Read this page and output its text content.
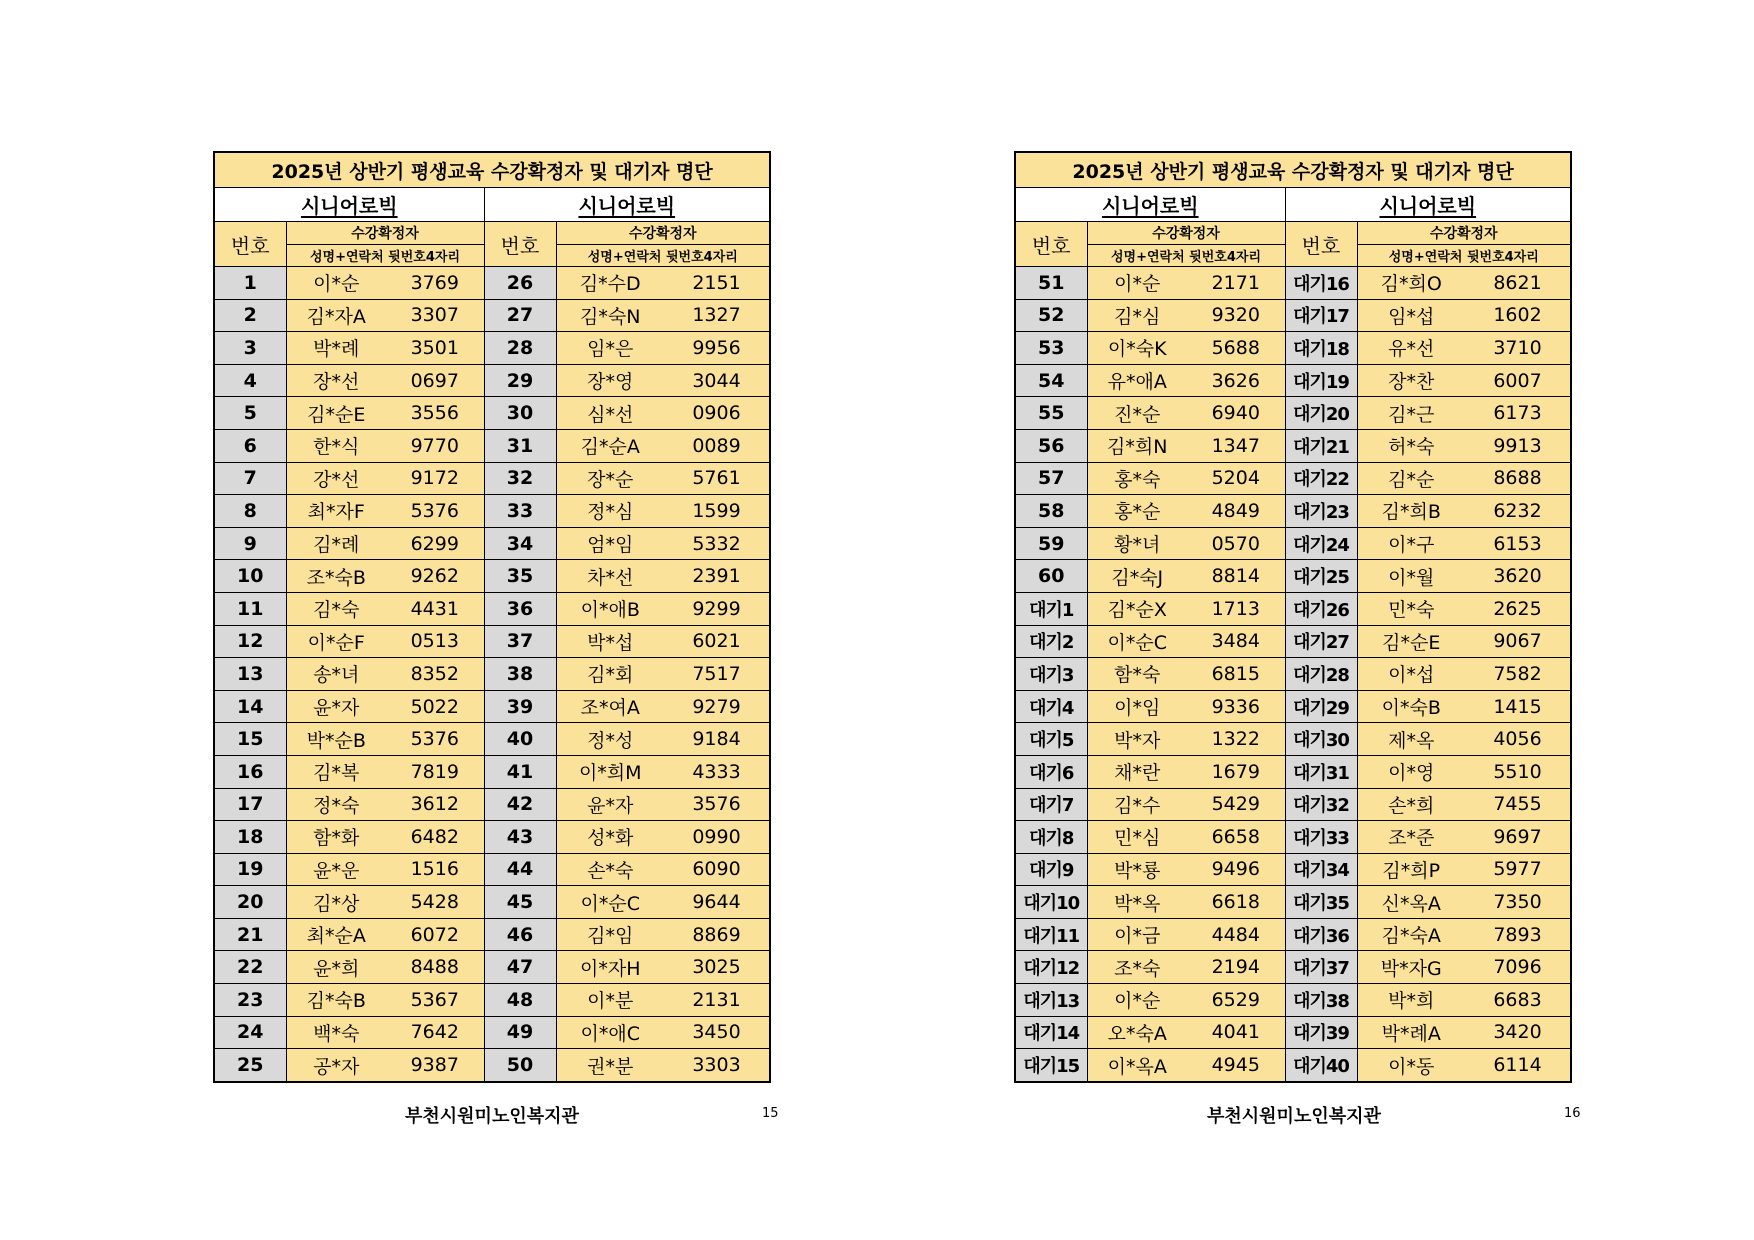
2025년 상반기 평생교육 수강확정자 및 대기자 명단					
시니어로빅			시니어로빅		
번호	수강확정자		번호	수강확정자	
	성명+연락처 뒷번호4자리			성명+연락처 뒷번호4자리	
1	이*순	3769	26	김*수D	2151
2	김*자A	3307	27	김*숙N	1327
3	박*례	3501	28	임*은	9956
4	장*선	0697	29	장*영	3044
5	김*순E	3556	30	심*선	0906
6	한*식	9770	31	김*순A	0089
7	강*선	9172	32	장*순	5761
8	최*자F	5376	33	정*심	1599
9	김*례	6299	34	엄*임	5332
10	조*숙B	9262	35	차*선	2391
11	김*숙	4431	36	이*애B	9299
12	이*순F	0513	37	박*섭	6021
13	송*녀	8352	38	김*회	7517
14	윤*자	5022	39	조*여A	9279
15	박*순B	5376	40	정*성	9184
16	김*복	7819	41	이*희M	4333
17	정*숙	3612	42	윤*자	3576
18	함*화	6482	43	성*화	0990
19	윤*운	1516	44	손*숙	6090
20	김*상	5428	45	이*순C	9644
21	최*순A	6072	46	김*임	8869
22	윤*희	8488	47	이*자H	3025
23	김*숙B	5367	48	이*분	2131
24	백*숙	7642	49	이*애C	3450
25	공*자	9387	50	권*분	3303
2025년 상반기 평생교육 수강확정자 및 대기자 명단					
시니어로빅			시니어로빅		
번호	수강확정자		번호	수강확정자	
	성명+연락처 뒷번호4자리			성명+연락처 뒷번호4자리	
51	이*순	2171	대기16	김*희O	8621
52	김*심	9320	대기17	임*섭	1602
53	이*숙K	5688	대기18	유*선	3710
54	유*애A	3626	대기19	장*찬	6007
55	진*순	6940	대기20	김*근	6173
56	김*희N	1347	대기21	허*숙	9913
57	홍*숙	5204	대기22	김*순	8688
58	홍*순	4849	대기23	김*희B	6232
59	황*녀	0570	대기24	이*구	6153
60	김*숙J	8814	대기25	이*월	3620
대기1	김*순X	1713	대기26	민*숙	2625
대기2	이*순C	3484	대기27	김*순E	9067
대기3	함*숙	6815	대기28	이*섭	7582
대기4	이*임	9336	대기29	이*숙B	1415
대기5	박*자	1322	대기30	제*옥	4056
대기6	채*란	1679	대기31	이*영	5510
대기7	김*수	5429	대기32	손*희	7455
대기8	민*심	6658	대기33	조*준	9697
대기9	박*룡	9496	대기34	김*희P	5977
대기10	박*옥	6618	대기35	신*옥A	7350
대기11	이*금	4484	대기36	김*숙A	7893
대기12	조*숙	2194	대기37	박*자G	7096
대기13	이*순	6529	대기38	박*희	6683
대기14	오*숙A	4041	대기39	박*례A	3420
대기15	이*옥A	4945	대기40	이*동	6114
부천시원미노인복지관	15	부천시원미노인복지관	16
